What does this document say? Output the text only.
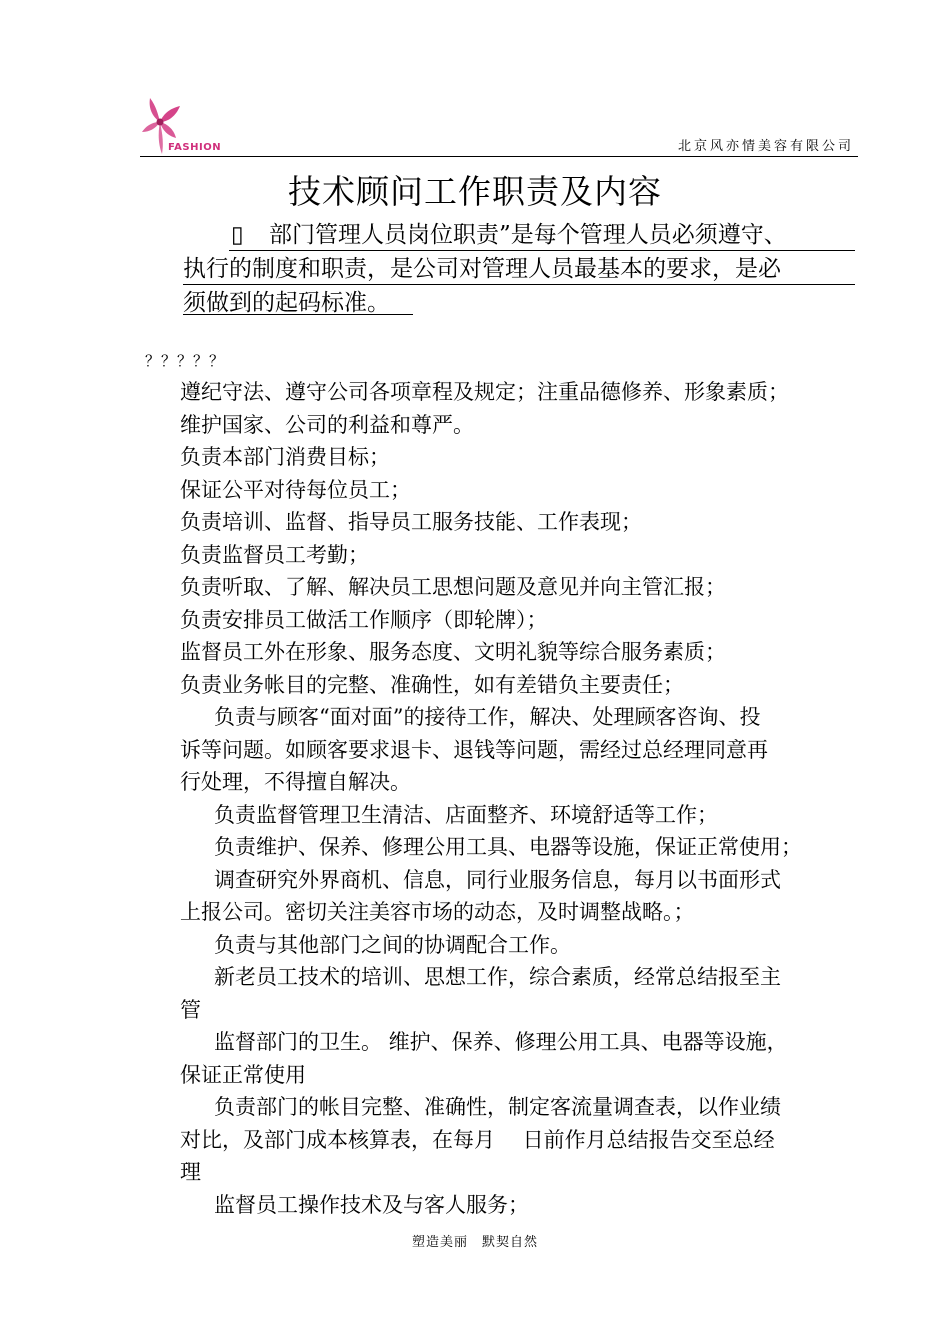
FASHION	北京风亦情美容有限公司
技术顾问工作职责及内容
▯ 部门管理人员岗位职责”是每个管理人员必须遵守、
执行的制度和职责，是公司对管理人员最基本的要求，是必
须做到的起码标准。
？？？？？
遵纪守法、遵守公司各项章程及规定；注重品德修养、形象素质；
维护国家、公司的利益和尊严。
负责本部门消费目标；
保证公平对待每位员工；
负责培训、监督、指导员工服务技能、工作表现；
负责监督员工考勤；
负责听取、了解、解决员工思想问题及意见并向主管汇报；
负责安排员工做活工作顺序（即轮牌）；
监督员工外在形象、服务态度、文明礼貌等综合服务素质；
负责业务帐目的完整、准确性，如有差错负主要责任；
负责与顾客“面对面”的接待工作，解决、处理顾客咨询、投
诉等问题。如顾客要求退卡、退钱等问题，需经过总经理同意再
行处理，不得擅自解决。
负责监督管理卫生清洁、店面整齐、环境舒适等工作；
负责维护、保养、修理公用工具、电器等设施，保证正常使用；
调查研究外界商机、信息，同行业服务信息，每月以书面形式
上报公司。密切关注美容市场的动态，及时调整战略。；
负责与其他部门之间的协调配合工作。
新老员工技术的培训、思想工作，综合素质，经常总结报至主
管
监督部门的卫生。 维护、保养、修理公用工具、电器等设施，
保证正常使用
负责部门的帐目完整、准确性，制定客流量调查表，以作业绩
对比，及部门成本核算表，在每月　 日前作月总结报告交至总经
理
监督员工操作技术及与客人服务；
塑造美丽　默契自然
